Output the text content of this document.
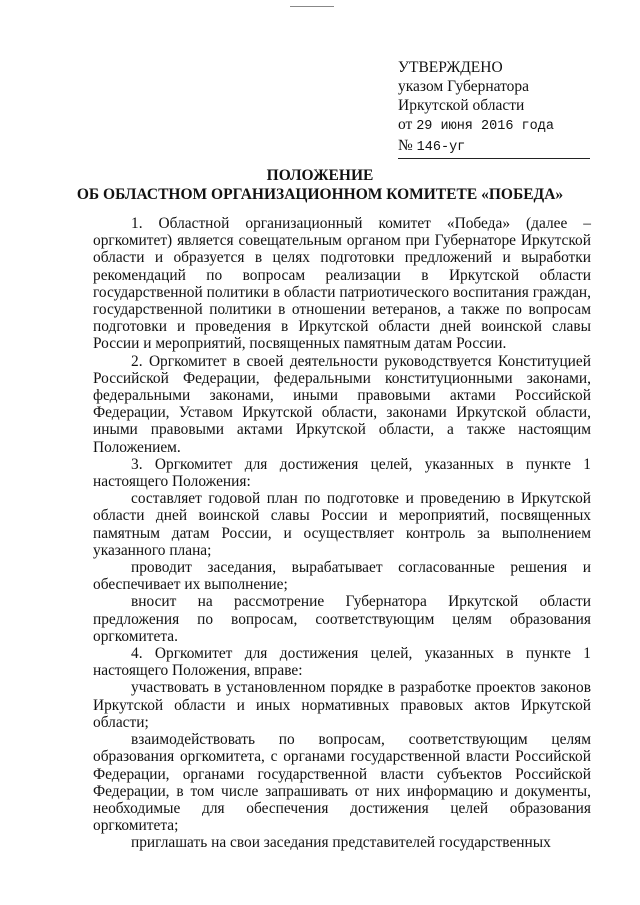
УТВЕРЖДЕНО
указом Губернатора
Иркутской области
от 29 июня 2016 года
№ 146-уг
ПОЛОЖЕНИЕ
ОБ ОБЛАСТНОМ ОРГАНИЗАЦИОННОМ КОМИТЕТЕ «ПОБЕДА»

1. Областной организационный комитет «Победа» (далее – оргкомитет) является совещательным органом при Губернаторе Иркутской области и образуется в целях подготовки предложений и выработки рекомендаций по вопросам реализации в Иркутской области государственной политики в области патриотического воспитания граждан, государственной политики в отношении ветеранов, а также по вопросам подготовки и проведения в Иркутской области дней воинской славы России и мероприятий, посвященных памятным датам России.

2. Оргкомитет в своей деятельности руководствуется Конституцией Российской Федерации, федеральными конституционными законами, федеральными законами, иными правовыми актами Российской Федерации, Уставом Иркутской области, законами Иркутской области, иными правовыми актами Иркутской области, а также настоящим Положением.

3. Оргкомитет для достижения целей, указанных в пункте 1 настоящего Положения:

составляет годовой план по подготовке и проведению в Иркутской области дней воинской славы России и мероприятий, посвященных памятным датам России, и осуществляет контроль за выполнением указанного плана;

проводит заседания, вырабатывает согласованные решения и обеспечивает их выполнение;

вносит на рассмотрение Губернатора Иркутской области предложения по вопросам, соответствующим целям образования оргкомитета.

4. Оргкомитет для достижения целей, указанных в пункте 1 настоящего Положения, вправе:

участвовать в установленном порядке в разработке проектов законов Иркутской области и иных нормативных правовых актов Иркутской области;

взаимодействовать по вопросам, соответствующим целям образования оргкомитета, с органами государственной власти Российской Федерации, органами государственной власти субъектов Российской Федерации, в том числе запрашивать от них информацию и документы, необходимые для обеспечения достижения целей образования оргкомитета;

приглашать на свои заседания представителей государственных
